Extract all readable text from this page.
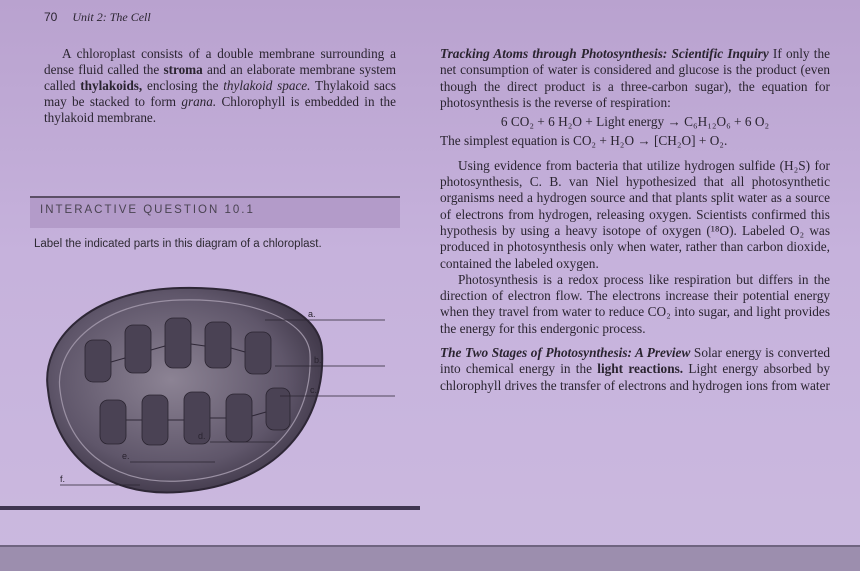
70 Unit 2: The Cell

A chloroplast consists of a double membrane surrounding a dense fluid called the stroma and an elaborate membrane system called thylakoids, enclosing the thylakoid space. Thylakoid sacs may be stacked to form grana. Chlorophyll is embedded in the thylakoid membrane.

INTERACTIVE QUESTION 10.1
Label the indicated parts in this diagram of a chloroplast.
a.
b.
c.
d.
e.
f.

Tracking Atoms through Photosynthesis: Scientific Inquiry If only the net consumption of water is considered and glucose is the product (even though the direct product is a three-carbon sugar), the equation for photosynthesis is the reverse of respiration:

6 CO₂ + 6 H₂O + Light energy → C₆H₁₂O₆ + 6 O₂

The simplest equation is CO₂ + H₂O → [CH₂O] + O₂.

Using evidence from bacteria that utilize hydrogen sulfide (H₂S) for photosynthesis, C. B. van Niel hypothesized that all photosynthetic organisms need a hydrogen source and that plants split water as a source of electrons from hydrogen, releasing oxygen. Scientists confirmed this hypothesis by using a heavy isotope of oxygen (¹⁸O). Labeled O₂ was produced in photosynthesis only when water, rather than carbon dioxide, contained the labeled oxygen.

Photosynthesis is a redox process like respiration but differs in the direction of electron flow. The electrons increase their potential energy when they travel from water to reduce CO₂ into sugar, and light provides the energy for this endergonic process.

The Two Stages of Photosynthesis: A Preview Solar energy is converted into chemical energy in the light reactions. Light energy absorbed by chlorophyll drives the transfer of electrons and hydrogen ions from water
